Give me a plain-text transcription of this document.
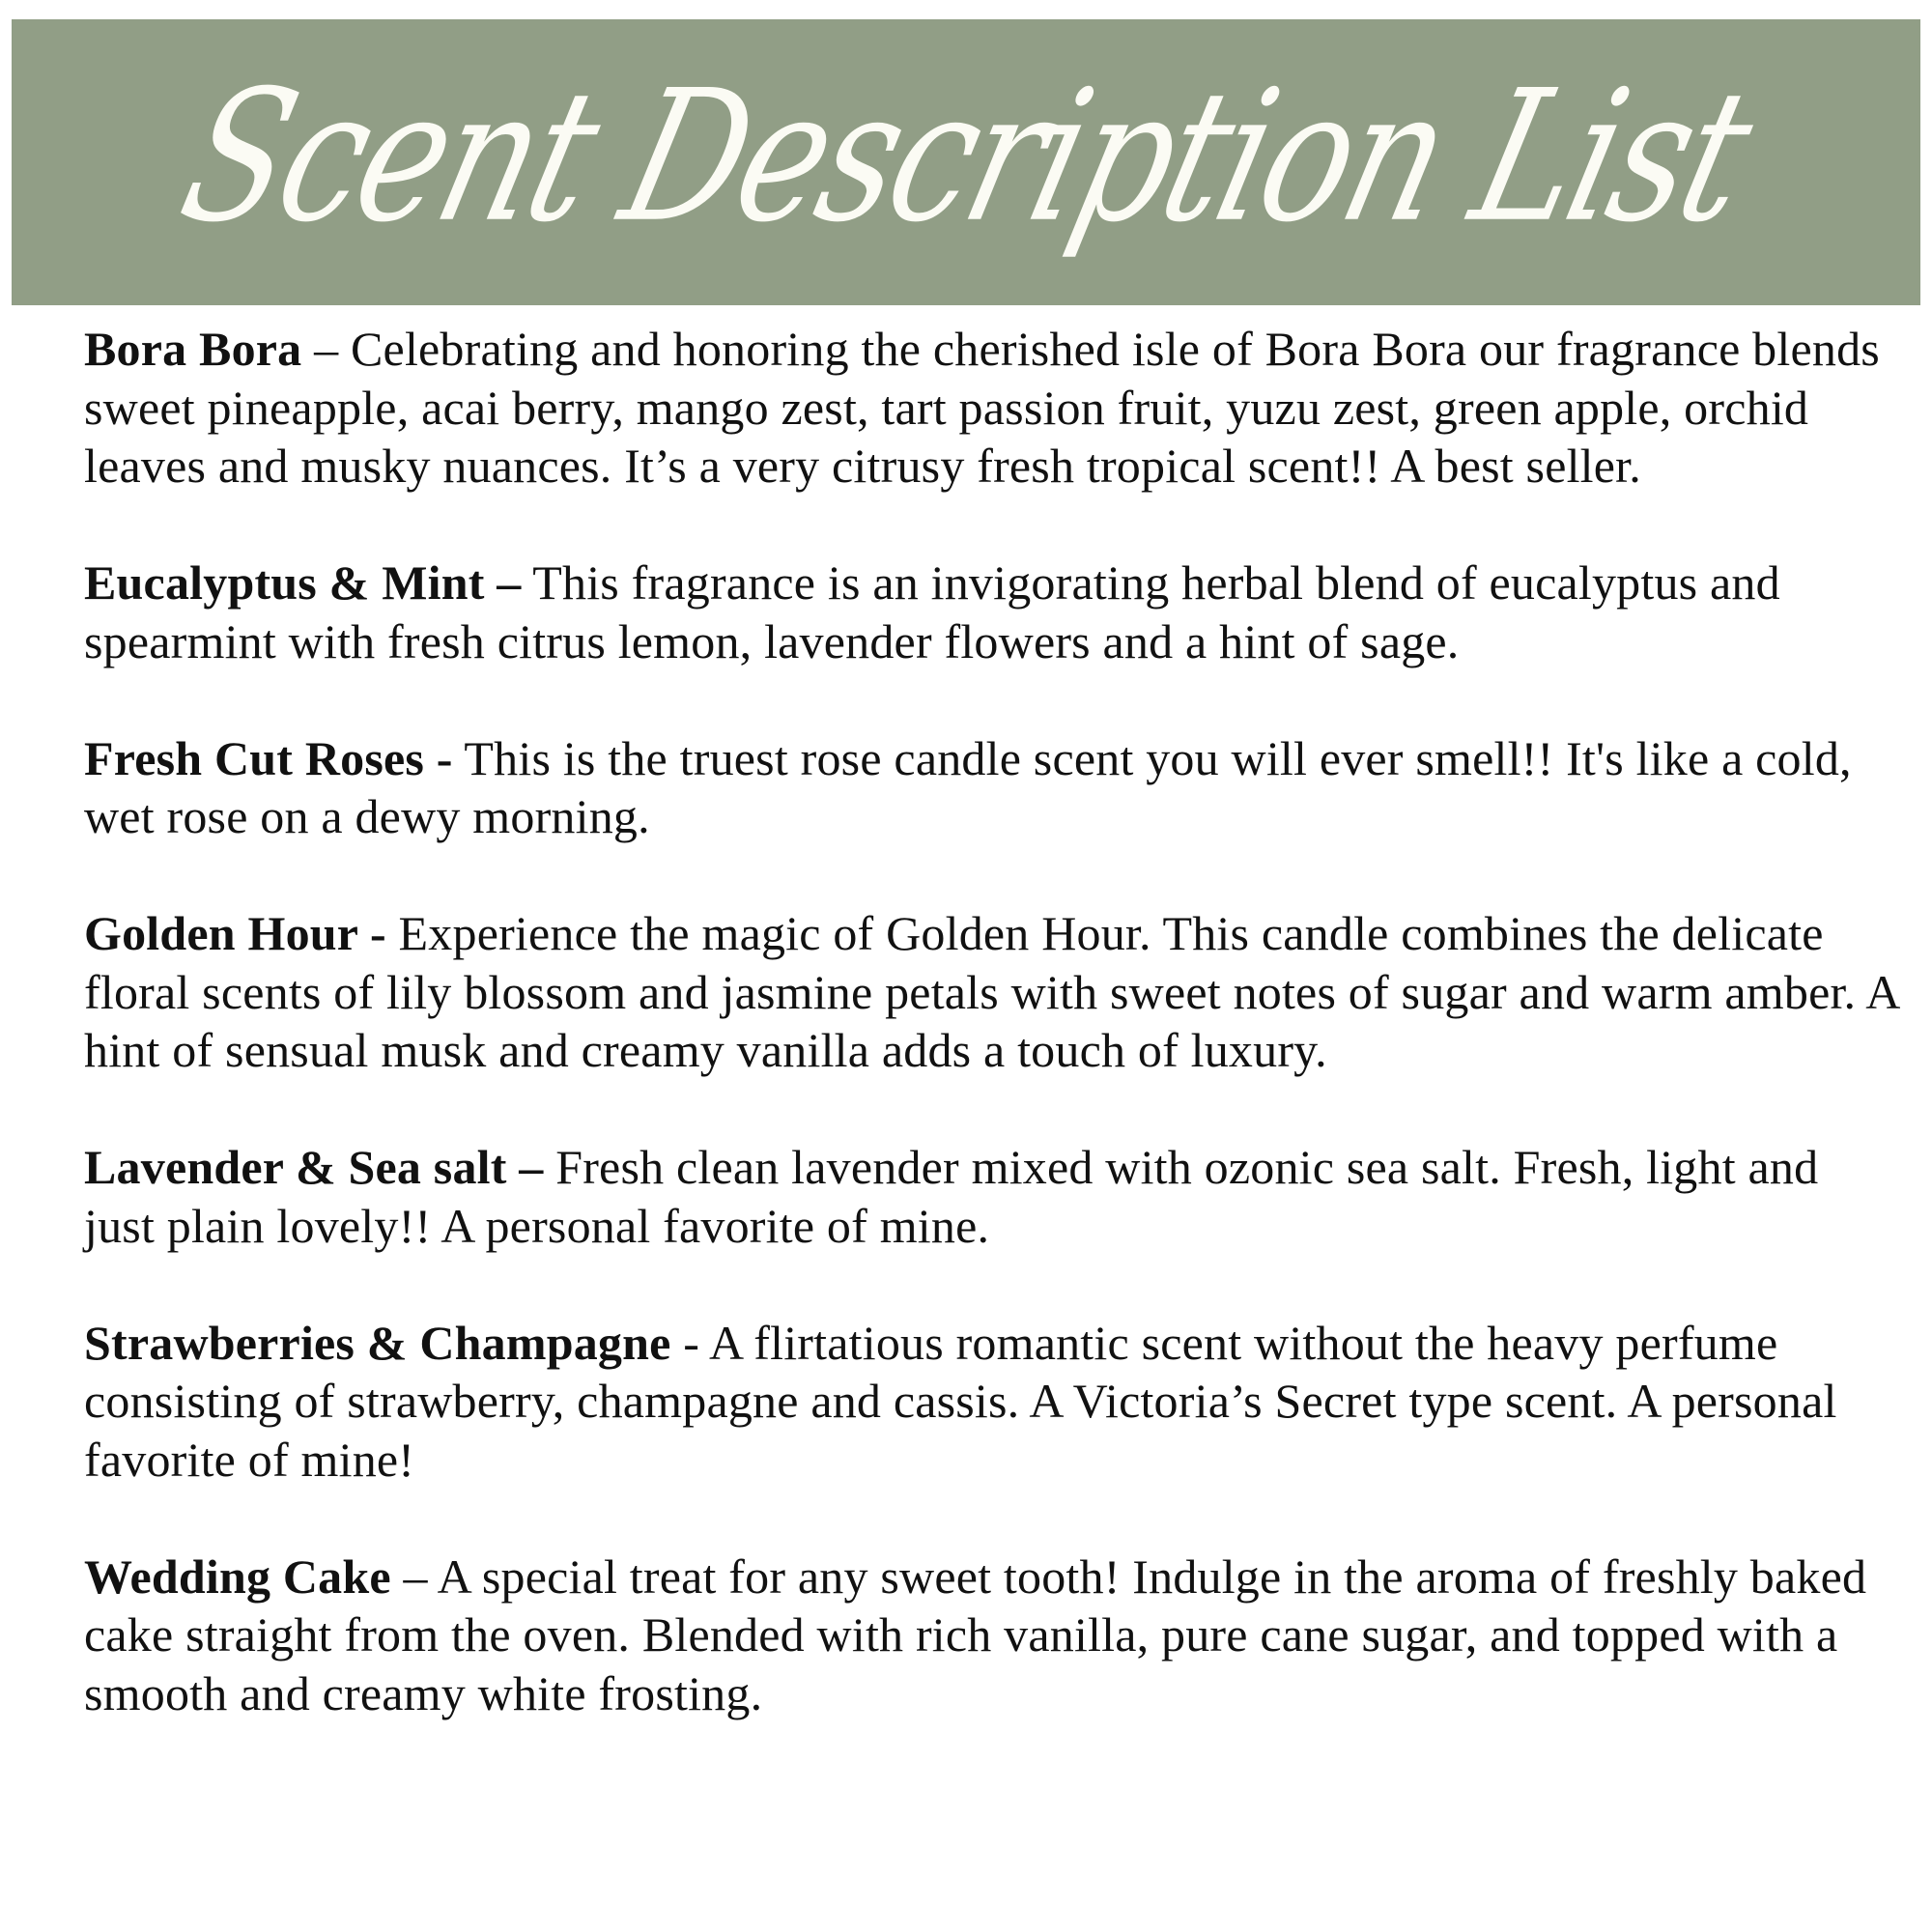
Scent Description List

Bora Bora – Celebrating and honoring the cherished isle of Bora Bora our fragrance blends sweet pineapple, acai berry, mango zest, tart passion fruit, yuzu zest, green apple, orchid leaves and musky nuances. It’s a very citrusy fresh tropical scent!! A best seller.

Eucalyptus & Mint – This fragrance is an invigorating herbal blend of eucalyptus and spearmint with fresh citrus lemon, lavender flowers and a hint of sage.

Fresh Cut Roses - This is the truest rose candle scent you will ever smell!! It's like a cold, wet rose on a dewy morning.

Golden Hour - Experience the magic of Golden Hour. This candle combines the delicate floral scents of lily blossom and jasmine petals with sweet notes of sugar and warm amber. A hint of sensual musk and creamy vanilla adds a touch of luxury.

Lavender & Sea salt – Fresh clean lavender mixed with ozonic sea salt. Fresh, light and just plain lovely!! A personal favorite of mine.

Strawberries & Champagne - A flirtatious romantic scent without the heavy perfume consisting of strawberry, champagne and cassis. A Victoria’s Secret type scent. A personal favorite of mine!

Wedding Cake – A special treat for any sweet tooth! Indulge in the aroma of freshly baked cake straight from the oven. Blended with rich vanilla, pure cane sugar, and topped with a smooth and creamy white frosting.
